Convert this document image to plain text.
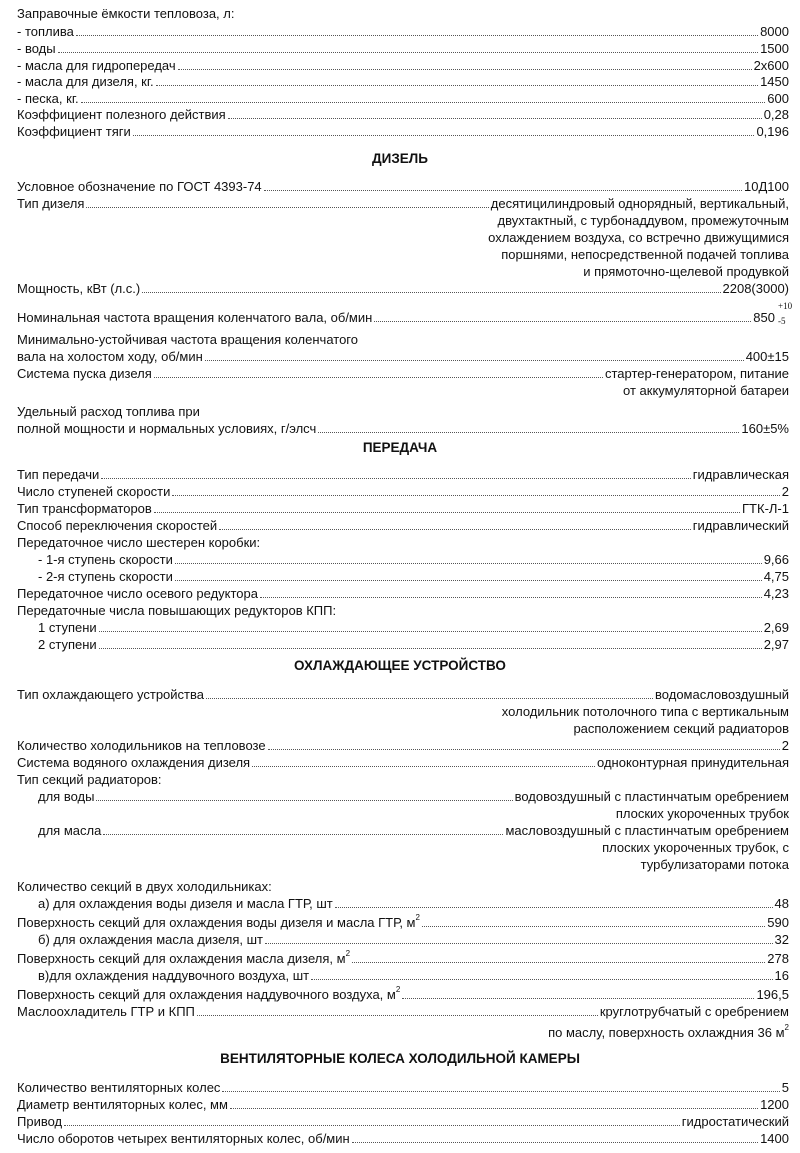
Заправочные ёмкости тепловоза, л:
- топлива	8000
- воды	1500
- масла для гидропередач	2x600
- масла для дизеля, кг.	1450
- песка, кг.	600
Коэффициент полезного действия	0,28
Коэффициент тяги	0,196
ДИЗЕЛЬ
Условное обозначение по ГОСТ 4393-74	10Д100
Тип дизеля	десятицилиндровый однорядный, вертикальный,
двухтактный, с турбонаддувом, промежуточным
охлаждением воздуха, со встречно движущимися
поршнями, непосредственной подачей топлива
и прямоточно-щелевой продувкой
Мощность, кВт (л.с.)	2208(3000)
Номинальная частота вращения коленчатого вала, об/мин	850
+10
-5
Минимально-устойчивая частота вращения коленчатого
вала на холостом ходу, об/мин	400±15
Система пуска дизеля	стартер-генератором, питание
от аккумуляторной батареи
Удельный расход топлива при
полной мощности и нормальных условиях, г/элсч	160±5%
ПЕРЕДАЧА
Тип передачи	гидравлическая
Число ступеней скорости	2
Тип трансформаторов	ГТК-Л-1
Способ переключения скоростей	гидравлический
Передаточное число шестерен коробки:
- 1-я ступень скорости	9,66
- 2-я ступень скорости	4,75
Передаточное число осевого редуктора	4,23
Передаточные числа повышающих редукторов КПП:
1 ступени	2,69
2 ступени	2,97
ОХЛАЖДАЮЩЕЕ УСТРОЙСТВО
Тип охлаждающего устройства	водомасловоздушный
холодильник потолочного типа с вертикальным
расположением секций радиаторов
Количество холодильников на тепловозе	2
Система водяного охлаждения дизеля	одноконтурная принудительная
Тип секций радиаторов:
для воды	водовоздушный с пластинчатым оребрением
плоских укороченных трубок
для масла	масловоздушный с пластинчатым оребрением
плоских укороченных трубок, с
турбулизаторами потока
Количество секций в двух холодильниках:
а) для охлаждения воды дизеля и масла ГТР, шт	48
Поверхность секций для охлаждения воды дизеля и масла ГТР, $м^2$	590
б) для охлаждения масла дизеля, шт	32
Поверхность секций для охлаждения масла дизеля, $м^2$	278
в)для охлаждения наддувочного воздуха, шт	16
Поверхность секций для охлаждения наддувочного воздуха, $м^2$	196,5
Маслоохладитель ГТР и КПП	круглотрубчатый с оребрением
по маслу, поверхность охлаждния 36 $м^2$
ВЕНТИЛЯТОРНЫЕ КОЛЕСА ХОЛОДИЛЬНОЙ КАМЕРЫ
Количество вентиляторных колес	5
Диаметр вентиляторных колес, мм	1200
Привод	гидростатический
Число оборотов четырех вентиляторных колес, об/мин	1400
